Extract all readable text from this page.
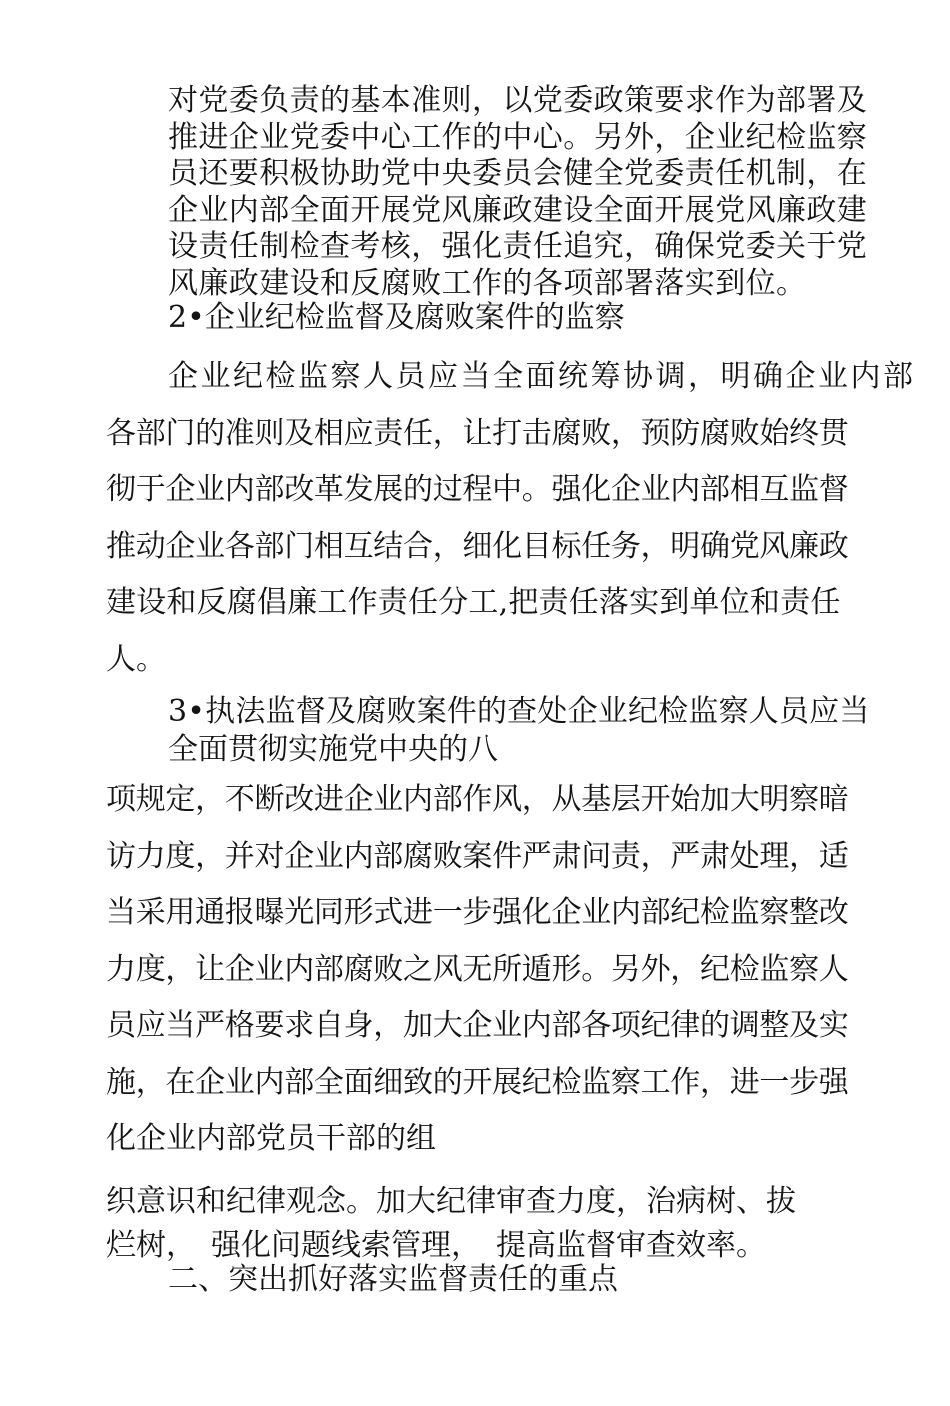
对党委负责的基本准则，以党委政策要求作为部署及
推进企业党委中心工作的中心。另外，企业纪检监察
员还要积极协助党中央委员会健全党委责任机制，在
企业内部全面开展党风廉政建设全面开展党风廉政建
设责任制检查考核，强化责任追究，确保党委关于党
风廉政建设和反腐败工作的各项部署落实到位。
2•企业纪检监督及腐败案件的监察
企业纪检监察人员应当全面统筹协调，明确企业内部
各部门的准则及相应责任，让打击腐败，预防腐败始终贯
彻于企业内部改革发展的过程中。强化企业内部相互监督
推动企业各部门相互结合，细化目标任务，明确党风廉政
建设和反腐倡廉工作责任分工,把责任落实到单位和责任
人。
3•执法监督及腐败案件的查处企业纪检监察人员应当
全面贯彻实施党中央的八
项规定，不断改进企业内部作风，从基层开始加大明察暗
访力度，并对企业内部腐败案件严肃问责，严肃处理，适
当采用通报曝光同形式进一步强化企业内部纪检监察整改
力度，让企业内部腐败之风无所遁形。另外，纪检监察人
员应当严格要求自身，加大企业内部各项纪律的调整及实
施，在企业内部全面细致的开展纪检监察工作，进一步强
化企业内部党员干部的组
织意识和纪律观念。加大纪律审查力度，治病树、拔
烂树，　强化问题线索管理，　提高监督审查效率。
二、突出抓好落实监督责任的重点
